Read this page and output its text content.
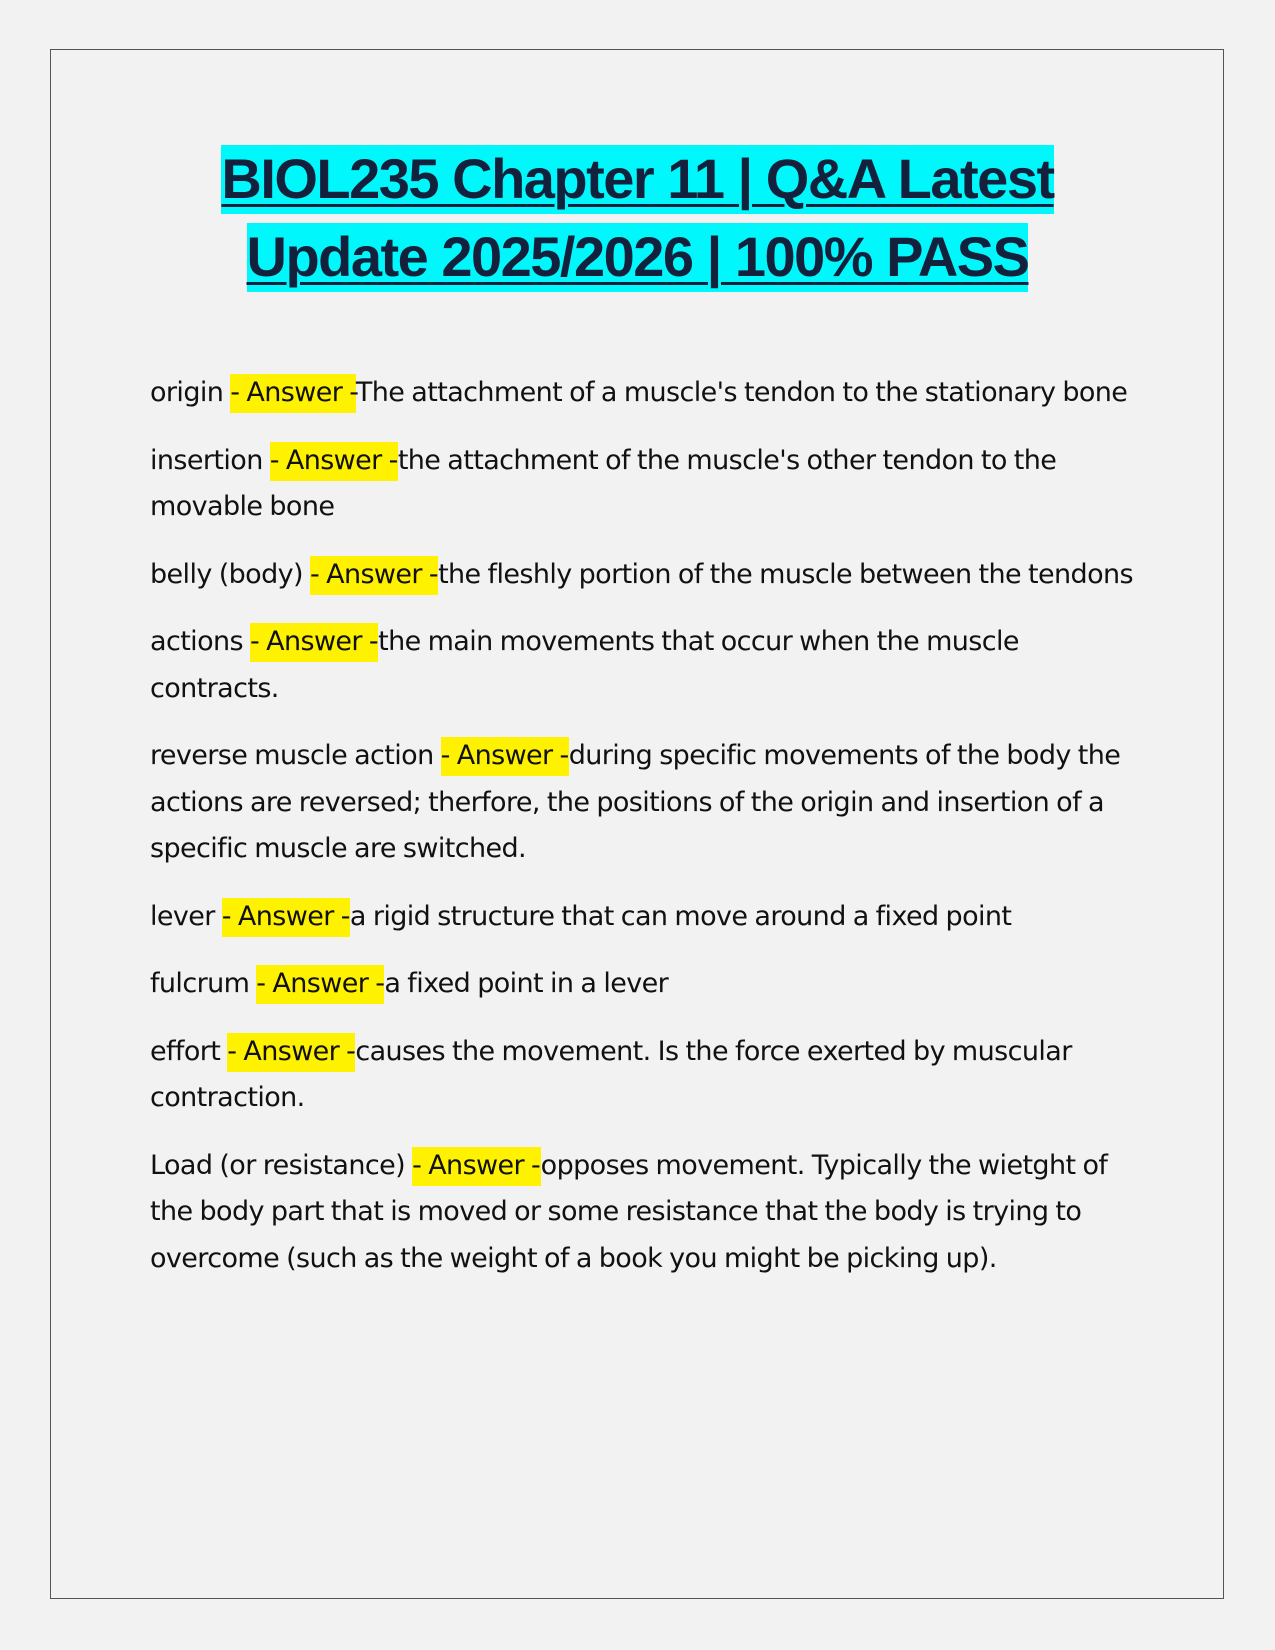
BIOL235 Chapter 11 | Q&A Latest
Update 2025/2026 | 100% PASS

origin - Answer -The attachment of a muscle's tendon to the stationary bone

insertion - Answer -the attachment of the muscle's other tendon to the movable bone

belly (body) - Answer -the fleshly portion of the muscle between the tendons

actions - Answer -the main movements that occur when the muscle contracts.

reverse muscle action - Answer -during specific movements of the body the actions are reversed; therfore, the positions of the origin and insertion of a specific muscle are switched.

lever - Answer -a rigid structure that can move around a fixed point

fulcrum - Answer -a fixed point in a lever

effort - Answer -causes the movement. Is the force exerted by muscular contraction.

Load (or resistance) - Answer -opposes movement. Typically the wietght of the body part that is moved or some resistance that the body is trying to overcome (such as the weight of a book you might be picking up).
